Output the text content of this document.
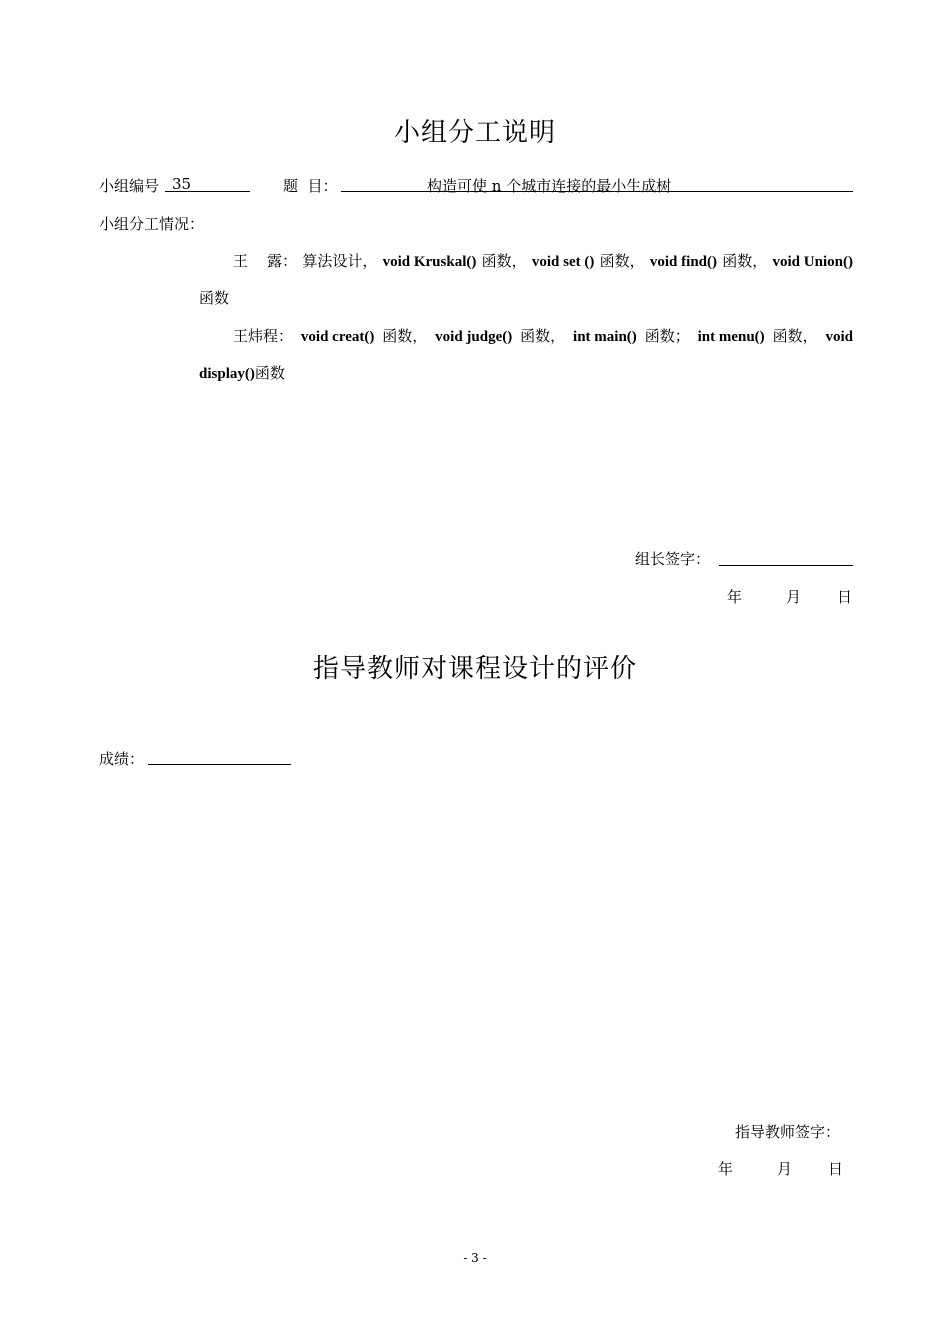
小组分工说明
小组编号 35	题  目：	构造可使 n 个城市连接的最小生成树
小组分工情况：
王    露： 算法设计， void Kruskal() 函数， void set () 函数， void find() 函数， void Union()
函数
王炜程： void creat() 函数， void judge() 函数， int main() 函数； int menu() 函数， void
display()函数
组长签字：
年	月 日
指导教师对课程设计的评价
成绩：
指导教师签字：
年	月 日
- 3 -
